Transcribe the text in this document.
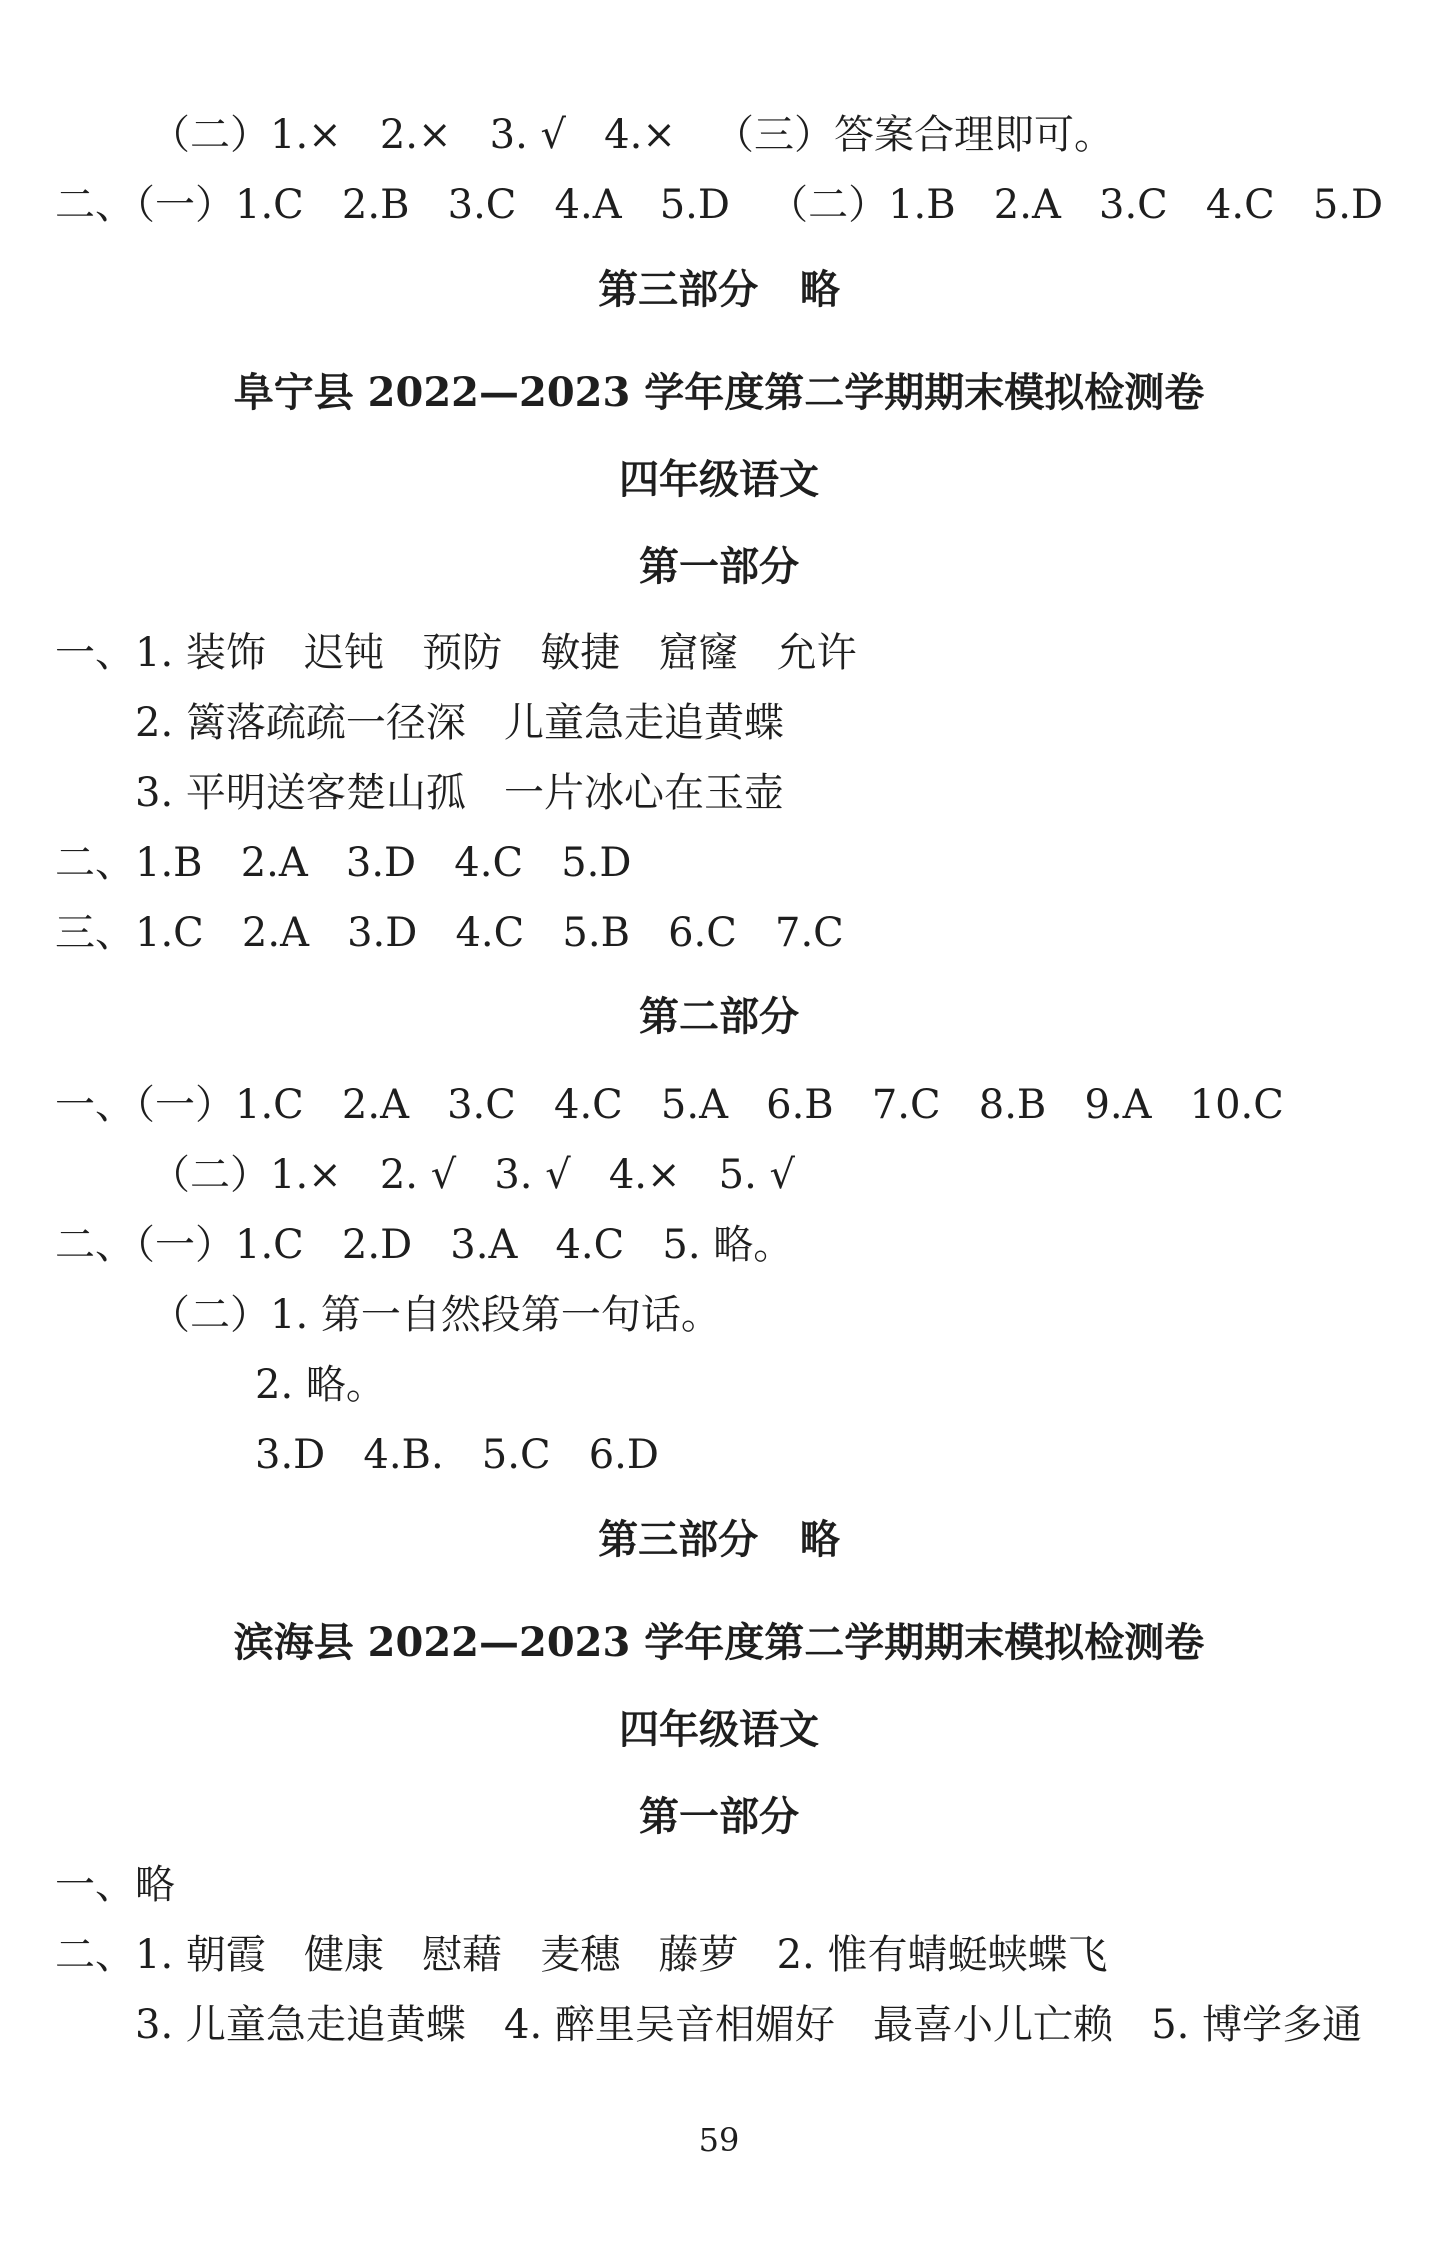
（二）1.×   2.×   3. √   4.×   （三）答案合理即可。
二、（一）1.C   2.B   3.C   4.A   5.D   （二）1.B   2.A   3.C   4.C   5.D
第三部分   略
阜宁县 2022—2023 学年度第二学期期末模拟检测卷
四年级语文
第一部分
一、1. 装饰   迟钝   预防   敏捷   窟窿   允许
2. 篱落疏疏一径深   儿童急走追黄蝶
3. 平明送客楚山孤   一片冰心在玉壶
二、1.B   2.A   3.D   4.C   5.D
三、1.C   2.A   3.D   4.C   5.B   6.C   7.C
第二部分
一、（一）1.C   2.A   3.C   4.C   5.A   6.B   7.C   8.B   9.A   10.C
（二）1.×   2. √   3. √   4.×   5. √
二、（一）1.C   2.D   3.A   4.C   5. 略。
（二）1. 第一自然段第一句话。
2. 略。
3.D   4.B.   5.C   6.D
第三部分   略
滨海县 2022—2023 学年度第二学期期末模拟检测卷
四年级语文
第一部分
一、略
二、1. 朝霞   健康   慰藉   麦穗   藤萝   2. 惟有蜻蜓蛱蝶飞
3. 儿童急走追黄蝶   4. 醉里吴音相媚好   最喜小儿亡赖   5. 博学多通
59
